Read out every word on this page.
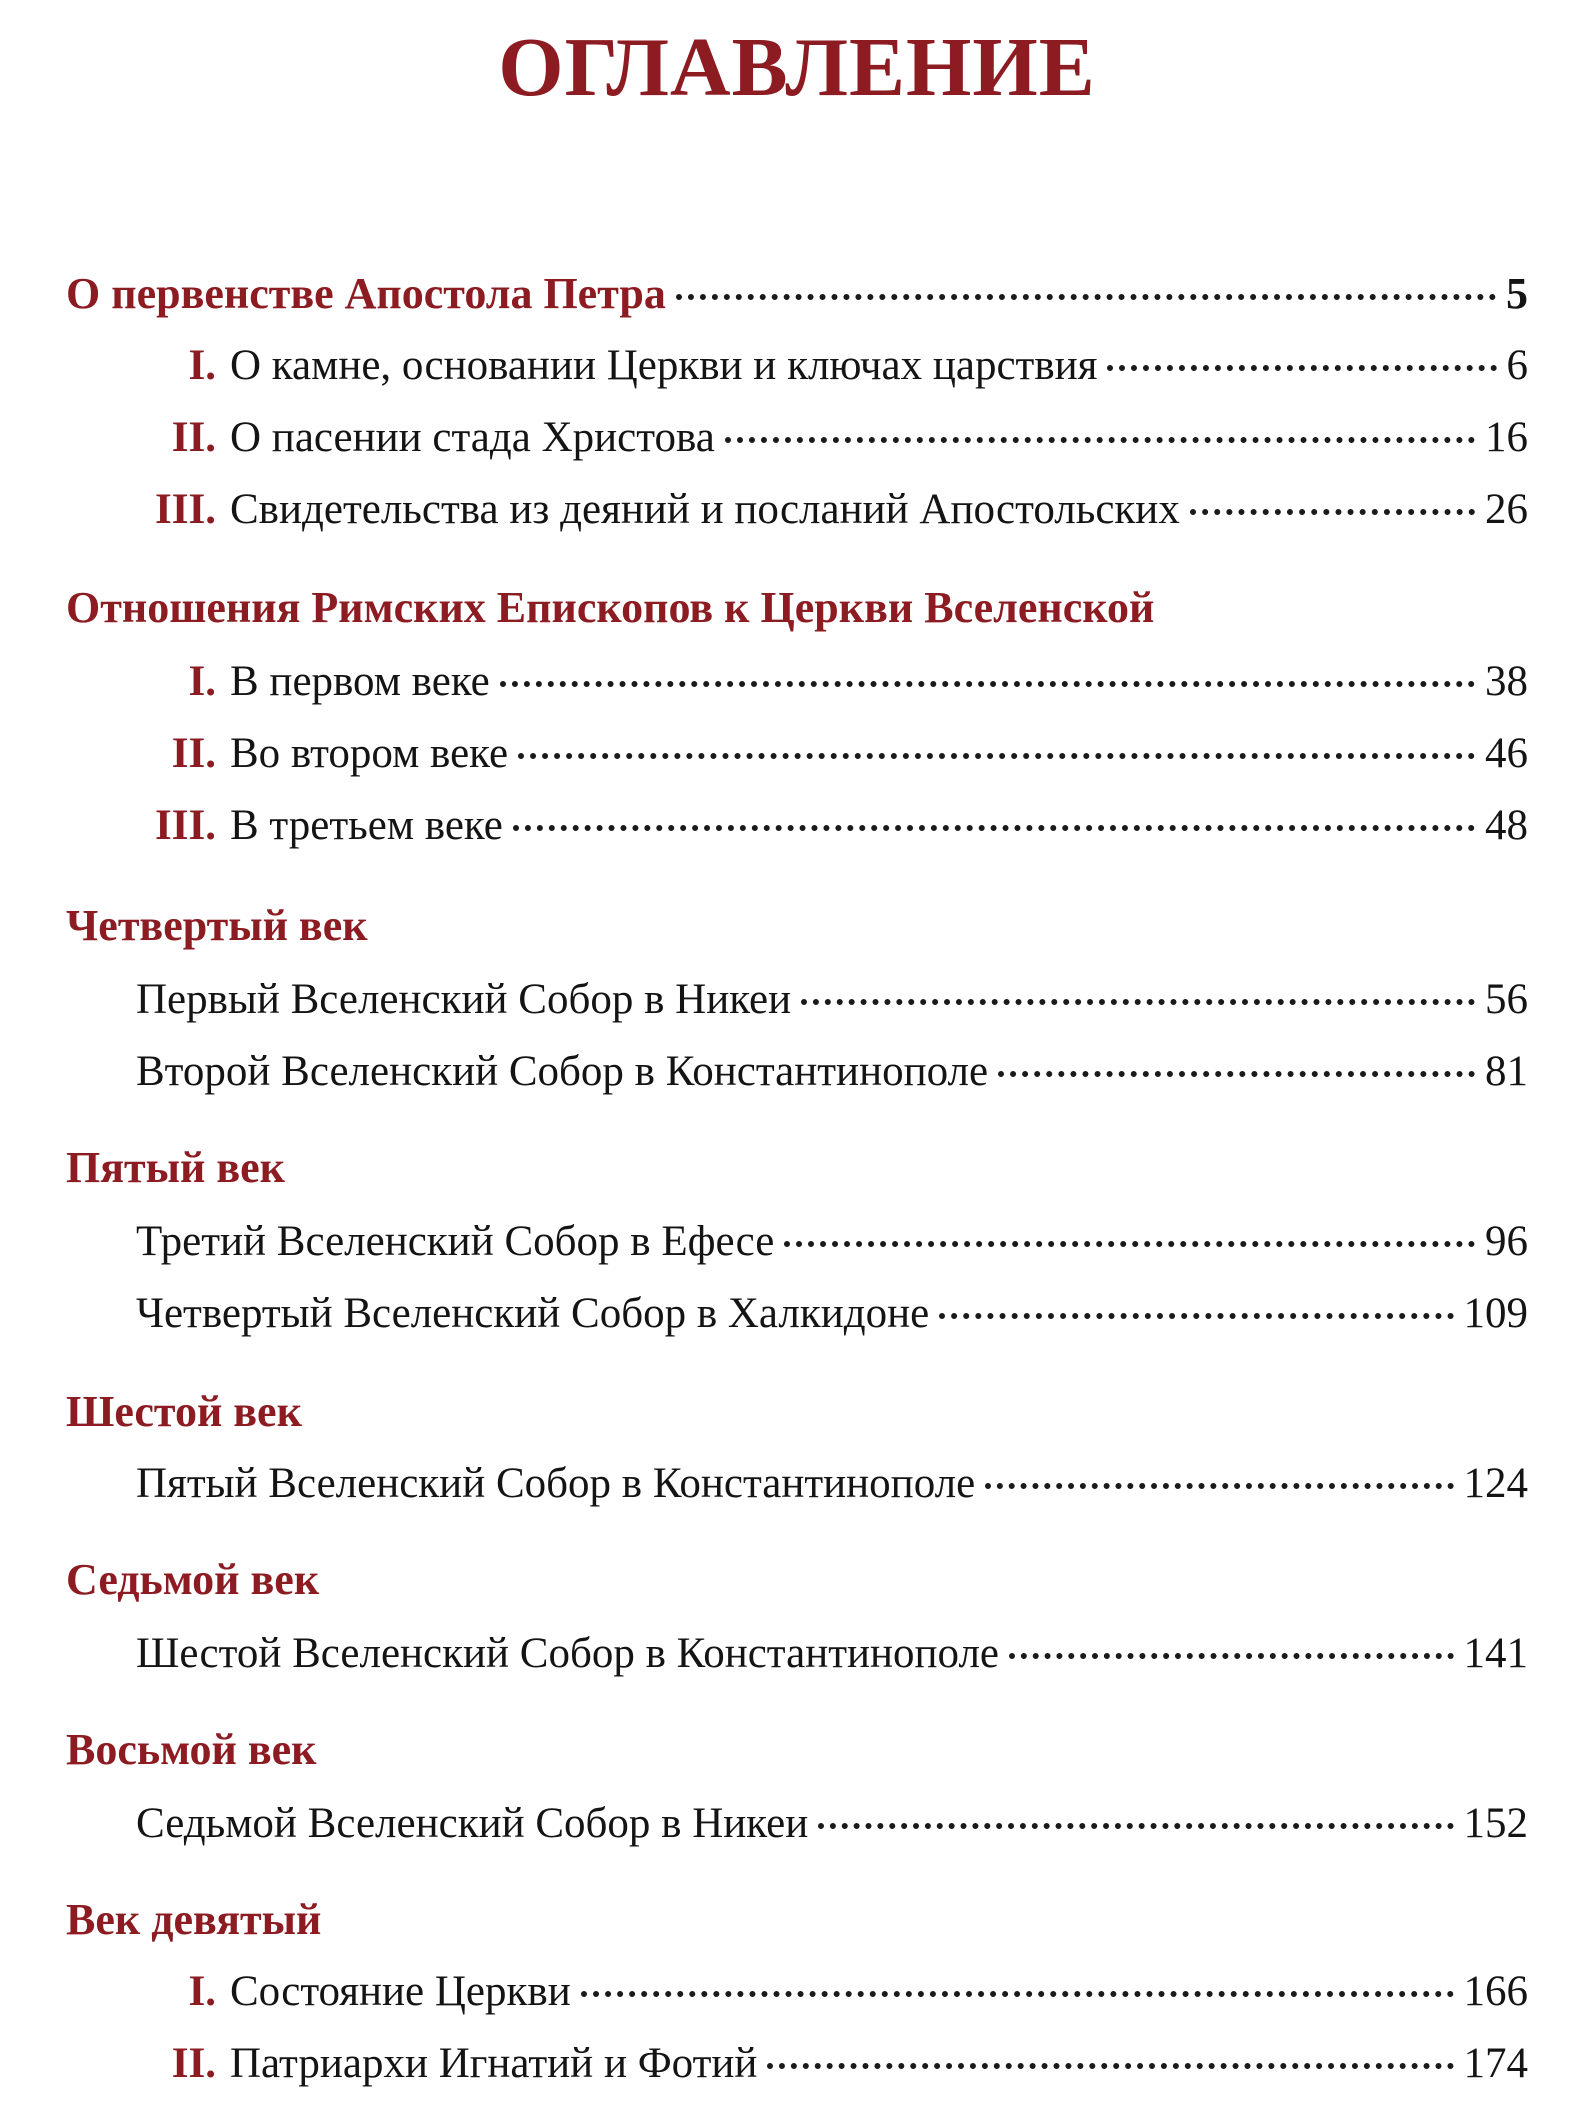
ОГЛАВЛЕНИЕ
О первенстве Апостола Петра	5
I. О камне, основании Церкви и ключах царствия	6
II. О пасении стада Христова	16
III. Свидетельства из деяний и посланий Апостольских	26
Отношения Римских Епископов к Церкви Вселенской
I. В первом веке	38
II. Во втором веке	46
III. В третьем веке	48
Четвертый век
Первый Вселенский Собор в Никеи	56
Второй Вселенский Собор в Константинополе	81
Пятый век
Третий Вселенский Собор в Ефесе	96
Четвертый Вселенский Собор в Халкидоне	109
Шестой век
Пятый Вселенский Собор в Константинополе	124
Седьмой век
Шестой Вселенский Собор в Константинополе	141
Восьмой век
Седьмой Вселенский Собор в Никеи	152
Век девятый
I. Состояние Церкви	166
II. Патриархи Игнатий и Фотий	174
